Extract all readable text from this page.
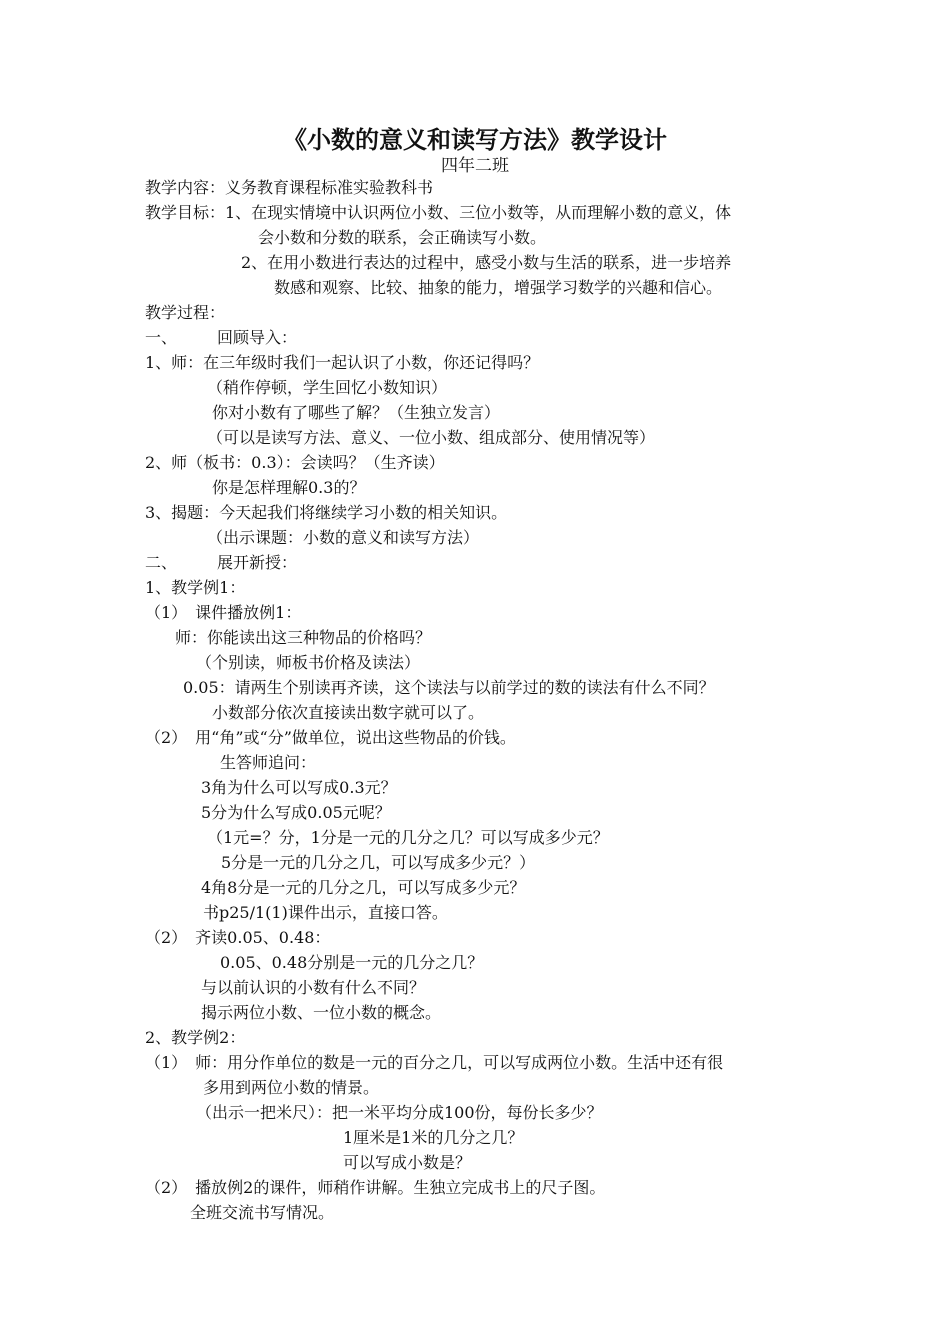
《小数的意义和读写方法》教学设计
四年二班
教学内容：义务教育课程标准实验教科书
教学目标：1、在现实情境中认识两位小数、三位小数等，从而理解小数的意义，体
会小数和分数的联系，会正确读写小数。
2、在用小数进行表达的过程中，感受小数与生活的联系，进一步培养
数感和观察、比较、抽象的能力，增强学习数学的兴趣和信心。
教学过程：
一、　　　回顾导入：
1、师：在三年级时我们一起认识了小数，你还记得吗？
（稍作停顿，学生回忆小数知识）
你对小数有了哪些了解？（生独立发言）
（可以是读写方法、意义、一位小数、组成部分、使用情况等）
2、师（板书：0.3）：会读吗？（生齐读）
你是怎样理解0.3的？
3、揭题：今天起我们将继续学习小数的相关知识。
（出示课题：小数的意义和读写方法）
二、　　　展开新授：
1、教学例1：
（1）　课件播放例1：
师：你能读出这三种物品的价格吗？
（个别读，师板书价格及读法）
0.05：请两生个别读再齐读，这个读法与以前学过的数的读法有什么不同？
小数部分依次直接读出数字就可以了。
（2）　用“角”或“分”做单位，说出这些物品的价钱。
生答师追问：
3角为什么可以写成0.3元？
5分为什么写成0.05元呢？
（1元=？分，1分是一元的几分之几？可以写成多少元？
5分是一元的几分之几，可以写成多少元？）
4角8分是一元的几分之几，可以写成多少元？
书p25/1(1)课件出示，直接口答。
（2）　齐读0.05、0.48：
0.05、0.48分别是一元的几分之几？
与以前认识的小数有什么不同？
揭示两位小数、一位小数的概念。
2、教学例2：
（1）　师：用分作单位的数是一元的百分之几，可以写成两位小数。生活中还有很
多用到两位小数的情景。
（出示一把米尺）：把一米平均分成100份，每份长多少？
1厘米是1米的几分之几？
可以写成小数是？
（2）　播放例2的课件，师稍作讲解。生独立完成书上的尺子图。
全班交流书写情况。
